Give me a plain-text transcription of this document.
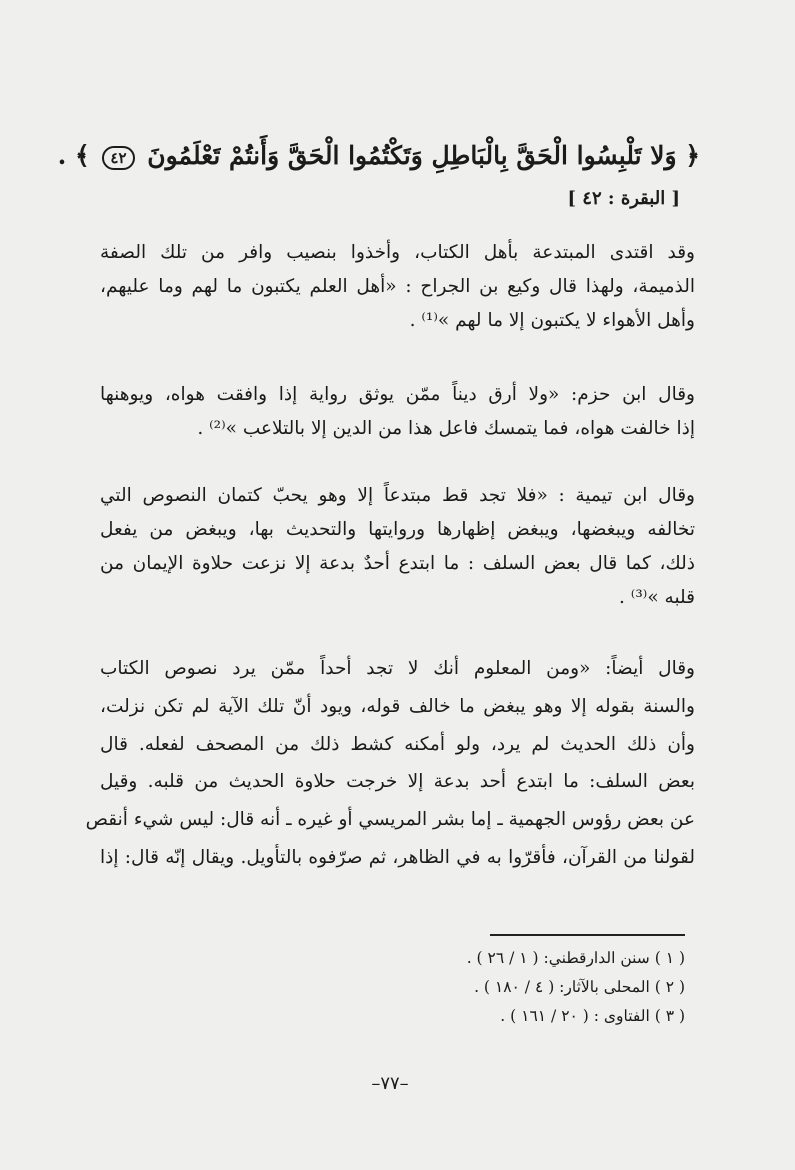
﴿ وَلا تَلْبِسُوا الْحَقَّ بِالْبَاطِلِ وَتَكْتُمُوا الْحَقَّ وَأَنتُمْ تَعْلَمُونَ ٤٢ ﴾ .
[ البقرة : ٤٢ ]
وقد اقتدى المبتدعة بأهل الكتاب، وأخذوا بنصيب وافر من تلك الصفة
الذميمة، ولهذا قال وكيع بن الجراح : «أهل العلم يكتبون ما لهم وما عليهم،
وأهل الأهواء لا يكتبون إلا ما لهم »⁽¹⁾ .
وقال ابن حزم: «ولا أرق ديناً ممّن يوثق رواية إذا وافقت هواه، ويوهنها
إذا خالفت هواه، فما يتمسك فاعل هذا من الدين إلا بالتلاعب »⁽²⁾ .
وقال ابن تيمية : «فلا تجد قط مبتدعاً إلا وهو يحبّ كتمان النصوص التي
تخالفه ويبغضها، ويبغض إظهارها وروايتها والتحديث بها، ويبغض من يفعل
ذلك، كما قال بعض السلف : ما ابتدع أحدٌ بدعة إلا نزعت حلاوة الإيمان من
قلبه »⁽³⁾ .
وقال أيضاً: «ومن المعلوم أنك لا تجد أحداً ممّن يرد نصوص الكتاب
والسنة بقوله إلا وهو يبغض ما خالف قوله، ويود أنّ تلك الآية لم تكن نزلت،
وأن ذلك الحديث لم يرد، ولو أمكنه كشط ذلك من المصحف لفعله. قال
بعض السلف: ما ابتدع أحد بدعة إلا خرجت حلاوة الحديث من قلبه. وقيل
عن بعض رؤوس الجهمية ـ إما بشر المريسي أو غيره ـ أنه قال: ليس شيء أنقص
لقولنا من القرآن، فأقرّوا به في الظاهر، ثم صرّفوه بالتأويل. ويقال إنّه قال: إذا
( ١ ) سنن الدارقطني: ( ١ / ٢٦ ) .
( ٢ ) المحلى بالآثار: ( ٤ / ١٨٠ ) .
( ٣ ) الفتاوى : ( ٢٠ / ١٦١ ) .
–٧٧–
